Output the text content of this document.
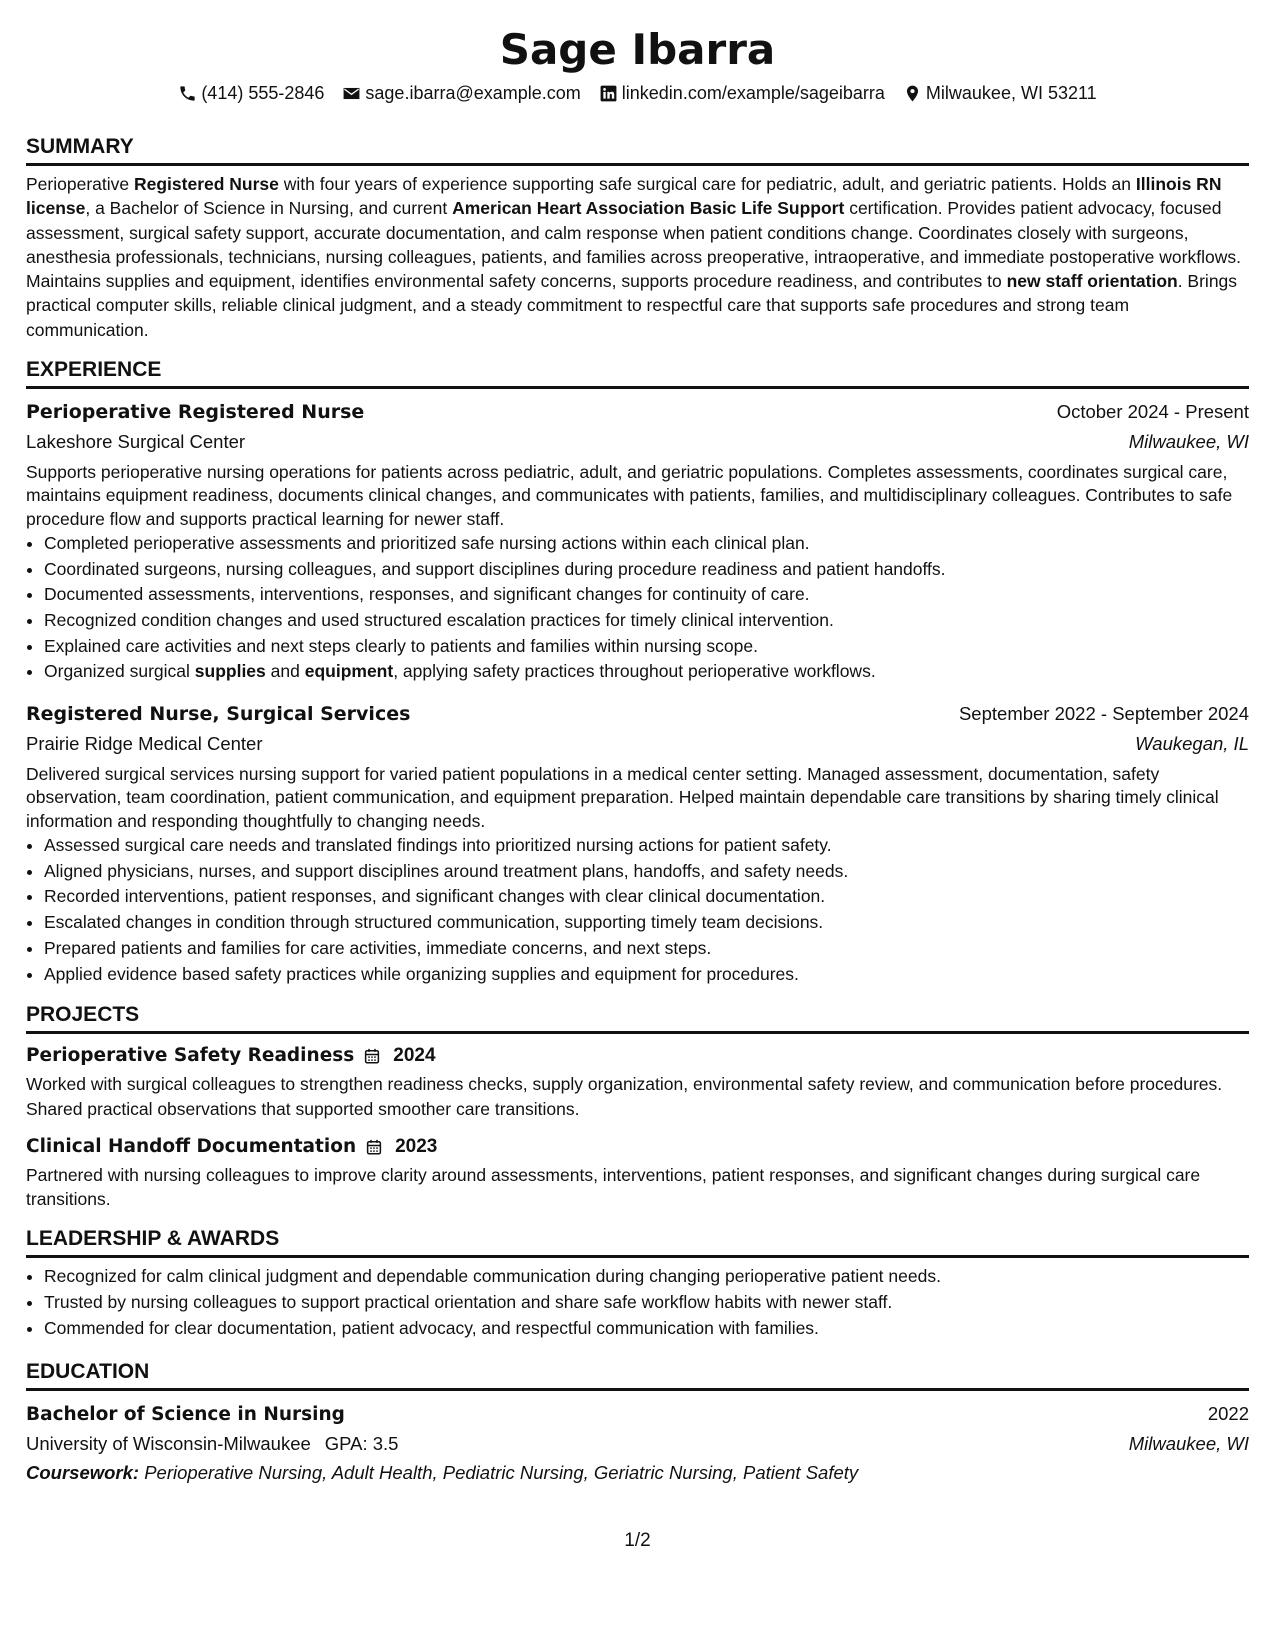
Sage Ibarra
(414) 555-2846 sage.ibarra@example.com linkedin.com/example/sageibarra Milwaukee, WI 53211
SUMMARY

Perioperative Registered Nurse with four years of experience supporting safe surgical care for pediatric, adult, and geriatric patients. Holds an Illinois RN license, a Bachelor of Science in Nursing, and current American Heart Association Basic Life Support certification. Provides patient advocacy, focused assessment, surgical safety support, accurate documentation, and calm response when patient conditions change. Coordinates closely with surgeons, anesthesia professionals, technicians, nursing colleagues, patients, and families across preoperative, intraoperative, and immediate postoperative workflows. Maintains supplies and equipment, identifies environmental safety concerns, supports procedure readiness, and contributes to new staff orientation. Brings practical computer skills, reliable clinical judgment, and a steady commitment to respectful care that supports safe procedures and strong team communication.

EXPERIENCE
Perioperative Registered Nurse	October 2024 - Present
Lakeshore Surgical Center	Milwaukee, WI

Supports perioperative nursing operations for patients across pediatric, adult, and geriatric populations. Completes assessments, coordinates surgical care, maintains equipment readiness, documents clinical changes, and communicates with patients, families, and multidisciplinary colleagues. Contributes to safe procedure flow and supports practical learning for newer staff.

• Completed perioperative assessments and prioritized safe nursing actions within each clinical plan.
• Coordinated surgeons, nursing colleagues, and support disciplines during procedure readiness and patient handoffs.
• Documented assessments, interventions, responses, and significant changes for continuity of care.
• Recognized condition changes and used structured escalation practices for timely clinical intervention.
• Explained care activities and next steps clearly to patients and families within nursing scope.
• Organized surgical supplies and equipment, applying safety practices throughout perioperative workflows.
Registered Nurse, Surgical Services	September 2022 - September 2024
Prairie Ridge Medical Center	Waukegan, IL

Delivered surgical services nursing support for varied patient populations in a medical center setting. Managed assessment, documentation, safety observation, team coordination, patient communication, and equipment preparation. Helped maintain dependable care transitions by sharing timely clinical information and responding thoughtfully to changing needs.

• Assessed surgical care needs and translated findings into prioritized nursing actions for patient safety.
• Aligned physicians, nurses, and support disciplines around treatment plans, handoffs, and safety needs.
• Recorded interventions, patient responses, and significant changes with clear clinical documentation.
• Escalated changes in condition through structured communication, supporting timely team decisions.
• Prepared patients and families for care activities, immediate concerns, and next steps.
• Applied evidence based safety practices while organizing supplies and equipment for procedures.
PROJECTS
Perioperative Safety Readiness 2024

Worked with surgical colleagues to strengthen readiness checks, supply organization, environmental safety review, and communication before procedures. Shared practical observations that supported smoother care transitions.

Clinical Handoff Documentation 2023

Partnered with nursing colleagues to improve clarity around assessments, interventions, patient responses, and significant changes during surgical care transitions.

LEADERSHIP & AWARDS
• Recognized for calm clinical judgment and dependable communication during changing perioperative patient needs.
• Trusted by nursing colleagues to support practical orientation and share safe workflow habits with newer staff.
• Commended for clear documentation, patient advocacy, and respectful communication with families.
EDUCATION
Bachelor of Science in Nursing	2022
University of Wisconsin-Milwaukee GPA: 3.5	Milwaukee, WI
Coursework: Perioperative Nursing, Adult Health, Pediatric Nursing, Geriatric Nursing, Patient Safety
1/2
